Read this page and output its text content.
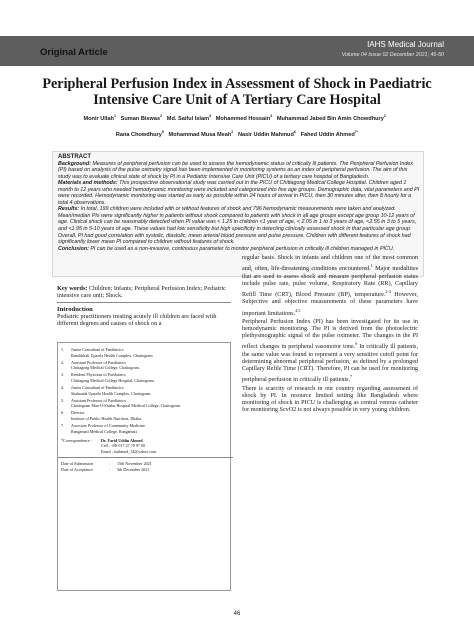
Original Article
IAHS Medical Journal
Volume 04 Issue 02 December 2021; 46-50
Peripheral Perfusion Index in Assessment of Shock in Paediatric Intensive Care Unit of A Tertiary Care Hospital
Monir Ullah$^1$ Suman Biswas$^2$ Md. Saiful Islam$^3$ Mohammed Hossain$^4$ Muhammad Jabed Bin Amin Chowdhury$^2$
Rana Chowdhury$^5$ Mohammad Musa Meah$^2$ Nasir Uddin Mahmud$^6$ Fahed Uddin Ahmed$^{7*}$
ABSTRACT

Background: Measures of peripheral perfusion can be used to assess the hemodynamic status of critically ill patients. The Peripheral Perfusion Index (PI) based on analysis of the pulse oximetry signal has been implemented in monitoring systems as an index of peripheral perfusion. The aim of this study was to evaluate clinical state of shock by PI in a Pediatric Intensive Care Unit (PICU) of a tertiary care hospital of Bangladesh.

Materials and methods: This prospective observational study was carried out in the PICU of Chittagong Medical College Hospital. Children aged 1 month to 12 years who needed hemodynamic monitoring were included and categorized into five age groups. Demographic data, vital parameters and PI were recorded. Hemodynamic monitoring was started as early as possible within 24 hours of arrival in PICU, then 30 minutes after, then 8 hourly for a total 4 observations.

Results: In total, 199 children were included with or without features of shock and 796 hemodynamic measurements were taken and analyzed. Mean/median PIs were significantly higher in patients without shock compared to patients with shock in all age groups except age group 10-12 years of age. Clinical shock can be reasonably detected when PI value was < 1.25 in children <1 year of age, < 2.05 in 1 to 3 years of age, <2.55 in 3 to 5 years, and <1.95 in 5-10 years of age. These values had low sensitivity but high specificity in detecting clinically assessed shock in that particular age group. Overall, PI had good correlation with systolic, diastolic, mean arterial blood pressure and pulse pressure. Children with different features of shock had significantly lower mean PI compared to children without features of shock.

Conclusion: PI can be used as a non-invasive, continuous parameter to monitor peripheral perfusion in critically ill children managed in PICU.

Key words: Children; Infants; Peripheral Perfusion Index; Pediatric intensive care unit; Shock.
Introduction
Pediatric practitioners treating acutely ill children are faced with different degrees and causes of shock on a
1.	Junior Consultant of Paediatrics
Banshkhali Upazila Health Complex, Chattogram.
2.	Assistant Professor of Paediatrics
Chittagong Medical College. Chattogram.
3.	Resident Physician of Paediatrics
Chittagong Medical College Hospital, Chattogram.
4.	Junior Consultant of Paediatrics
Sitakunda Upazila Health Complex, Chattogram.
5.	Assistant Professor of Paediatrics
Chattogram Maa-O-Shishu Hospital Medical College, Chattogram.
6.	Director
Institute of Public Health Nutrition, Dhaka.
7.	Associate Professor of Community Medicine
Rangamati Medical College, Rangamati.
*Correspondence :	Dr. Farid Uddin Ahmed
Cell : +88 017 27 78 97 00
Email : fuahmed_34@yahoo.com
Date of Submission	:	15th November 2021
Date of Acceptance	:	5th December 2021

regular basis. Shock in infants and children one of the most common and, often, life-threatening conditions encountered.$^1$ Major modalities that are used to assess shock and measure peripheral perfusion status include pulse rate, pulse volume, Respiratory Rate (RR), Capillary Refill Time (CRT), Blood Pressure (BP), temperature.$^{2-4}$ However, Subjective and objective measurements of these parameters have important limitations.$^{4,5}$

Peripheral Perfusion Index (PI) has been investigated for its use in hemodynamic monitoring. The PI is derived from the photoelectric plethysmographic signal of the pulse oximeter. The changes in the PI reflect changes in peripheral vasomotor tone.$^6$ In critically ill patients, the same value was found to represent a very sensitive cutoff point for determining abnormal peripheral perfusion, as defined by a prolonged Capillary Refile Time (CRT). Therefore, PI can be used for monitoring peripheral perfusion in critically ill patients.$^7$

There is scarcity of research in our country regarding assessment of shock by PI. In resource limited setting like Bangladesh where monitoring of shock in PICU is challenging as central venous catheter for monitoring ScvO2 is not always possible in very young children.

46
